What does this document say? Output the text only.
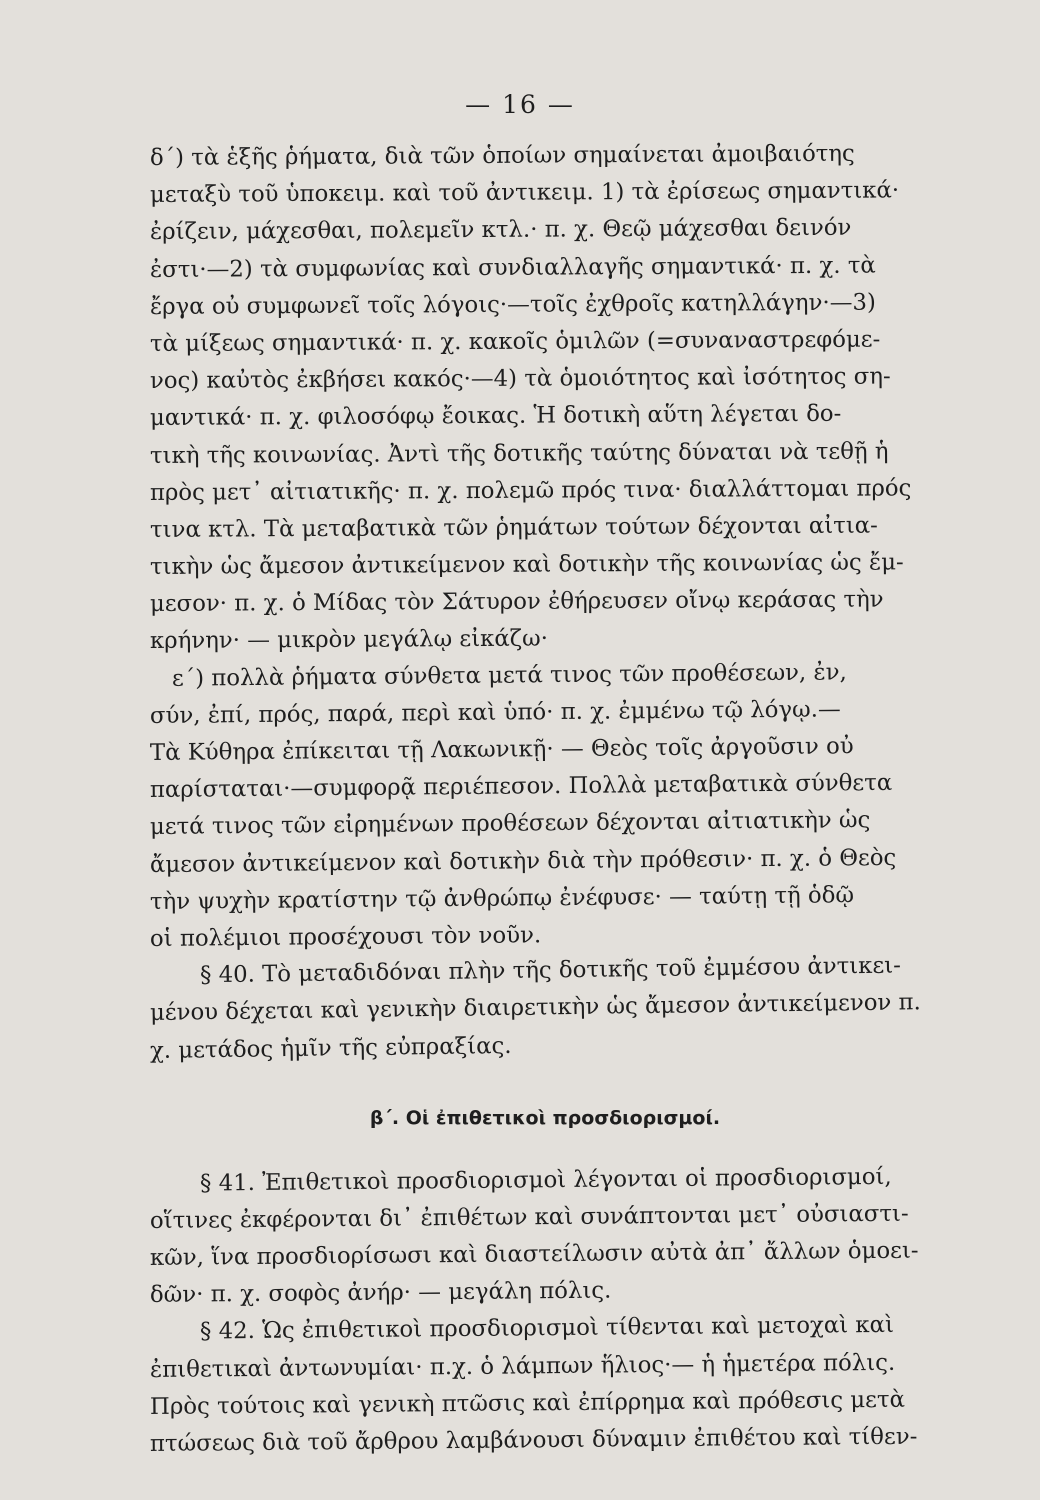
— 16 —
δ΄) τὰ ἑξῆς ῥήματα, διὰ τῶν ὁποίων σημαίνεται ἀμοιβαιότης
μεταξὺ τοῦ ὑποκειμ. καὶ τοῦ ἀντικειμ. 1) τὰ ἐρίσεως σημαντικά·
ἐρίζειν, μάχεσθαι, πολεμεῖν κτλ.· π. χ. Θεῷ μάχεσθαι δεινόν
ἐστι·—2) τὰ συμφωνίας καὶ συνδιαλλαγῆς σημαντικά· π. χ. τὰ
ἔργα οὐ συμφωνεῖ τοῖς λόγοις·—τοῖς ἐχθροῖς κατηλλάγην·—3)
τὰ μίξεως σημαντικά· π. χ. κακοῖς ὁμιλῶν (=συναναστρεφόμε-
νος) καὐτὸς ἐκβήσει κακός·—4) τὰ ὁμοιότητος καὶ ἰσότητος ση-
μαντικά· π. χ. φιλοσόφῳ ἔοικας. Ἡ δοτικὴ αὕτη λέγεται δο-
τικὴ τῆς κοινωνίας. Ἀντὶ τῆς δοτικῆς ταύτης δύναται νὰ τεθῇ ἡ
πρὸς μετ᾽ αἰτιατικῆς· π. χ. πολεμῶ πρός τινα· διαλλάττομαι πρός
τινα κτλ. Τὰ μεταβατικὰ τῶν ῥημάτων τούτων δέχονται αἰτια-
τικὴν ὡς ἄμεσον ἀντικείμενον καὶ δοτικὴν τῆς κοινωνίας ὡς ἔμ-
μεσον· π. χ. ὁ Μίδας τὸν Σάτυρον ἐθήρευσεν οἴνῳ κεράσας τὴν
κρήνην· — μικρὸν μεγάλῳ εἰκάζω·
ε΄) πολλὰ ῥήματα σύνθετα μετά τινος τῶν προθέσεων, ἐν,
σύν, ἐπί, πρός, παρά, περὶ καὶ ὑπό· π. χ. ἐμμένω τῷ λόγῳ.—
Τὰ Κύθηρα ἐπίκειται τῇ Λακωνικῇ· — Θεὸς τοῖς ἀργοῦσιν οὐ
παρίσταται·—συμφορᾷ περιέπεσον. Πολλὰ μεταβατικὰ σύνθετα
μετά τινος τῶν εἰρημένων προθέσεων δέχονται αἰτιατικὴν ὡς
ἄμεσον ἀντικείμενον καὶ δοτικὴν διὰ τὴν πρόθεσιν· π. χ. ὁ Θεὸς
τὴν ψυχὴν κρατίστην τῷ ἀνθρώπῳ ἐνέφυσε· — ταύτῃ τῇ ὁδῷ
οἱ πολέμιοι προσέχουσι τὸν νοῦν.
§ 40. Τὸ μεταδιδόναι πλὴν τῆς δοτικῆς τοῦ ἐμμέσου ἀντικει-
μένου δέχεται καὶ γενικὴν διαιρετικὴν ὡς ἄμεσον ἀντικείμενον π.
χ. μετάδος ἡμῖν τῆς εὐπραξίας.
β΄. Οἱ ἐπιθετικοὶ προσδιορισμοί.
§ 41. Ἐπιθετικοὶ προσδιορισμοὶ λέγονται οἱ προσδιορισμοί,
οἵτινες ἐκφέρονται δι᾽ ἐπιθέτων καὶ συνάπτονται μετ᾽ οὐσιαστι-
κῶν, ἵνα προσδιορίσωσι καὶ διαστείλωσιν αὐτὰ ἀπ᾽ ἄλλων ὁμοει-
δῶν· π. χ. σοφὸς ἀνήρ· — μεγάλη πόλις.
§ 42. Ὡς ἐπιθετικοὶ προσδιορισμοὶ τίθενται καὶ μετοχαὶ καὶ
ἐπιθετικαὶ ἀντωνυμίαι· π.χ. ὁ λάμπων ἥλιος·— ἡ ἡμετέρα πόλις.
Πρὸς τούτοις καὶ γενικὴ πτῶσις καὶ ἐπίρρημα καὶ πρόθεσις μετὰ
πτώσεως διὰ τοῦ ἄρθρου λαμβάνουσι δύναμιν ἐπιθέτου καὶ τίθεν-
